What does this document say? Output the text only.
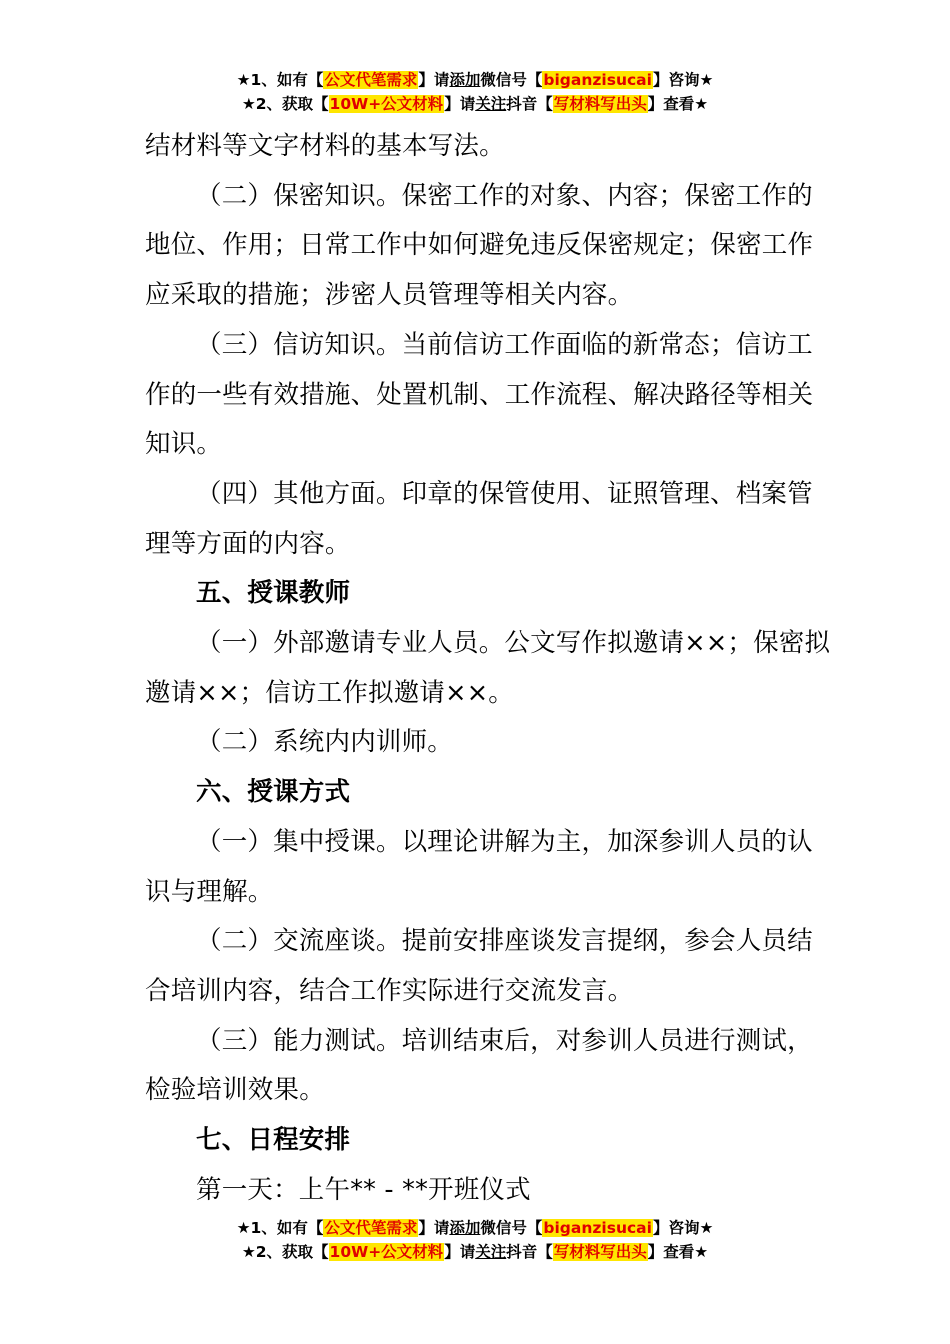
★1、如有【公文代笔需求】请添加微信号【biganzisucai】咨询★
★2、获取【10W+公文材料】请关注抖音【写材料写出头】查看★

结材料等文字材料的基本写法。

（二）保密知识。保密工作的对象、内容；保密工作的地位、作用；日常工作中如何避免违反保密规定；保密工作应采取的措施；涉密人员管理等相关内容。

（三）信访知识。当前信访工作面临的新常态；信访工作的一些有效措施、处置机制、工作流程、解决路径等相关知识。

（四）其他方面。印章的保管使用、证照管理、档案管理等方面的内容。

五、授课教师

（一）外部邀请专业人员。公文写作拟邀请××；保密拟邀请××；信访工作拟邀请××。

（二）系统内内训师。

六、授课方式

（一）集中授课。以理论讲解为主，加深参训人员的认识与理解。

（二）交流座谈。提前安排座谈发言提纲，参会人员结合培训内容，结合工作实际进行交流发言。

（三）能力测试。培训结束后，对参训人员进行测试，检验培训效果。

七、日程安排

第一天：上午** - **开班仪式

★1、如有【公文代笔需求】请添加微信号【biganzisucai】咨询★
★2、获取【10W+公文材料】请关注抖音【写材料写出头】查看★
